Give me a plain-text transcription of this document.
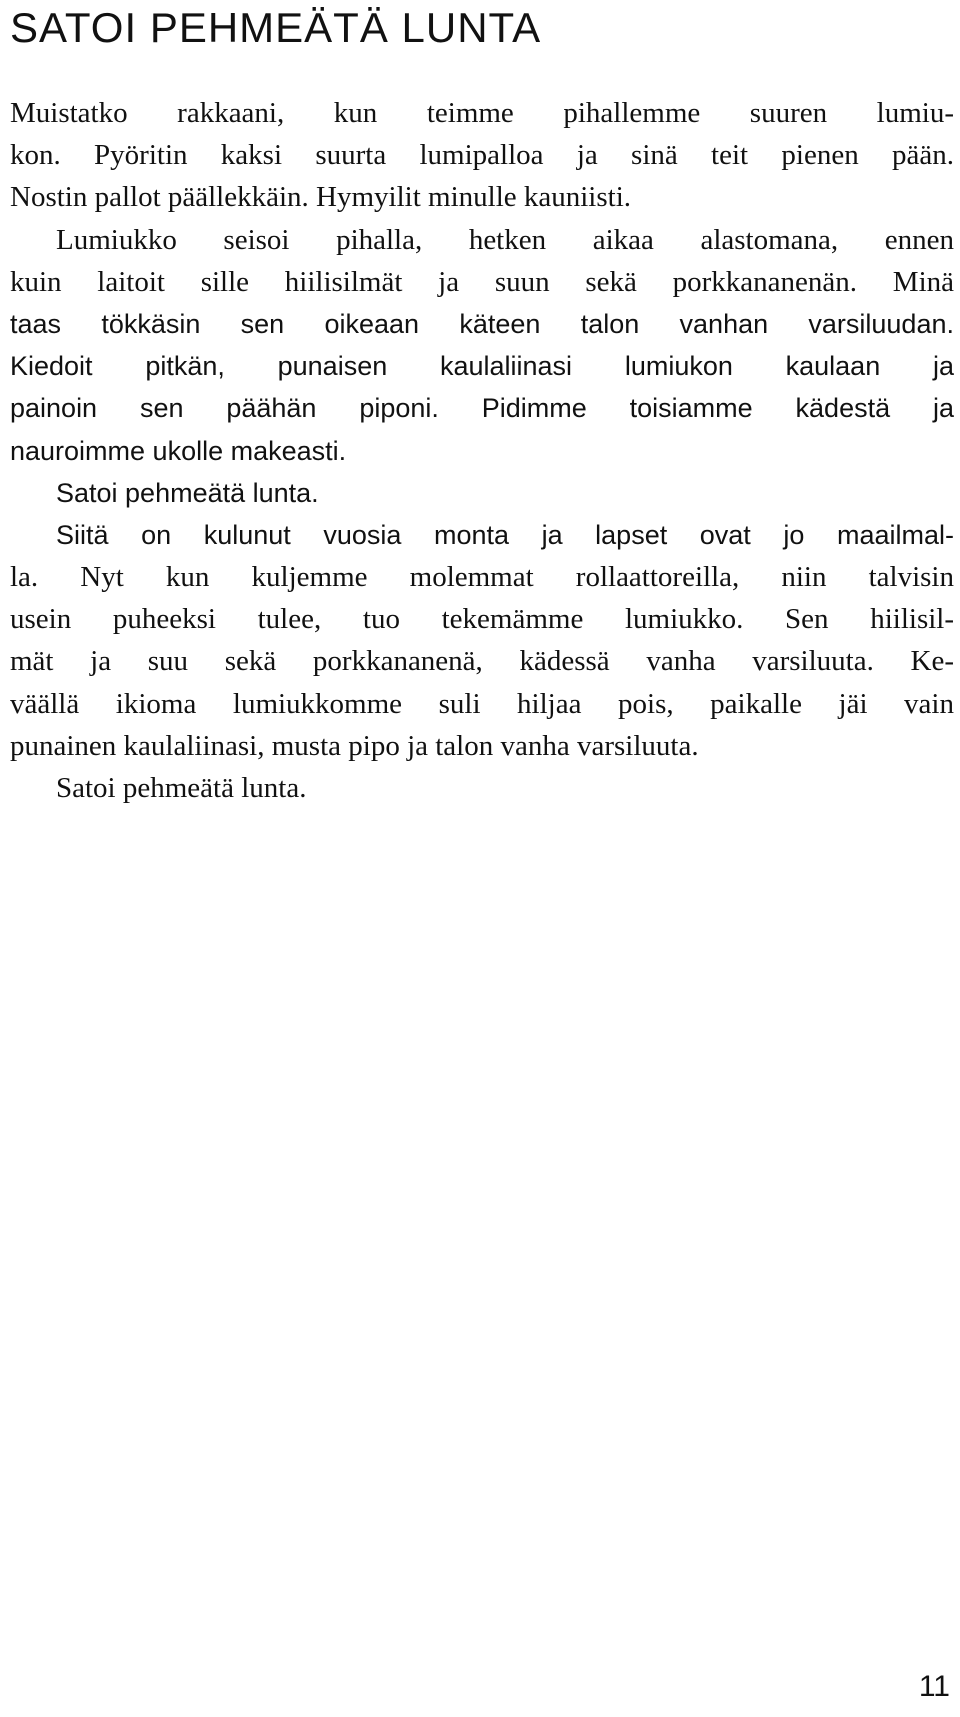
SATOI PEHMEÄTÄ LUNTA
Muistatko rakkaani, kun teimme pihallemme suuren lumiu-
kon. Pyöritin kaksi suurta lumipalloa ja sinä teit pienen pään.
Nostin pallot päällekkäin. Hymyilit minulle kauniisti.
Lumiukko seisoi pihalla, hetken aikaa alastomana, ennen
kuin laitoit sille hiilisilmät ja suun sekä porkkananenän. Minä
taas tökkäsin sen oikeaan käteen talon vanhan varsiluudan.
Kiedoit pitkän, punaisen kaulaliinasi lumiukon kaulaan ja
painoin sen päähän piponi. Pidimme toisiamme kädestä ja
nauroimme ukolle makeasti.
Satoi pehmeätä lunta.
Siitä on kulunut vuosia monta ja lapset ovat jo maailmal-
la. Nyt kun kuljemme molemmat rollaattoreilla, niin talvisin
usein puheeksi tulee, tuo tekemämme lumiukko. Sen hiilisil-
mät ja suu sekä porkkananenä, kädessä vanha varsiluuta. Ke-
väällä ikioma lumiukkomme suli hiljaa pois, paikalle jäi vain
punainen kaulaliinasi, musta pipo ja talon vanha varsiluuta.
Satoi pehmeätä lunta.
11
